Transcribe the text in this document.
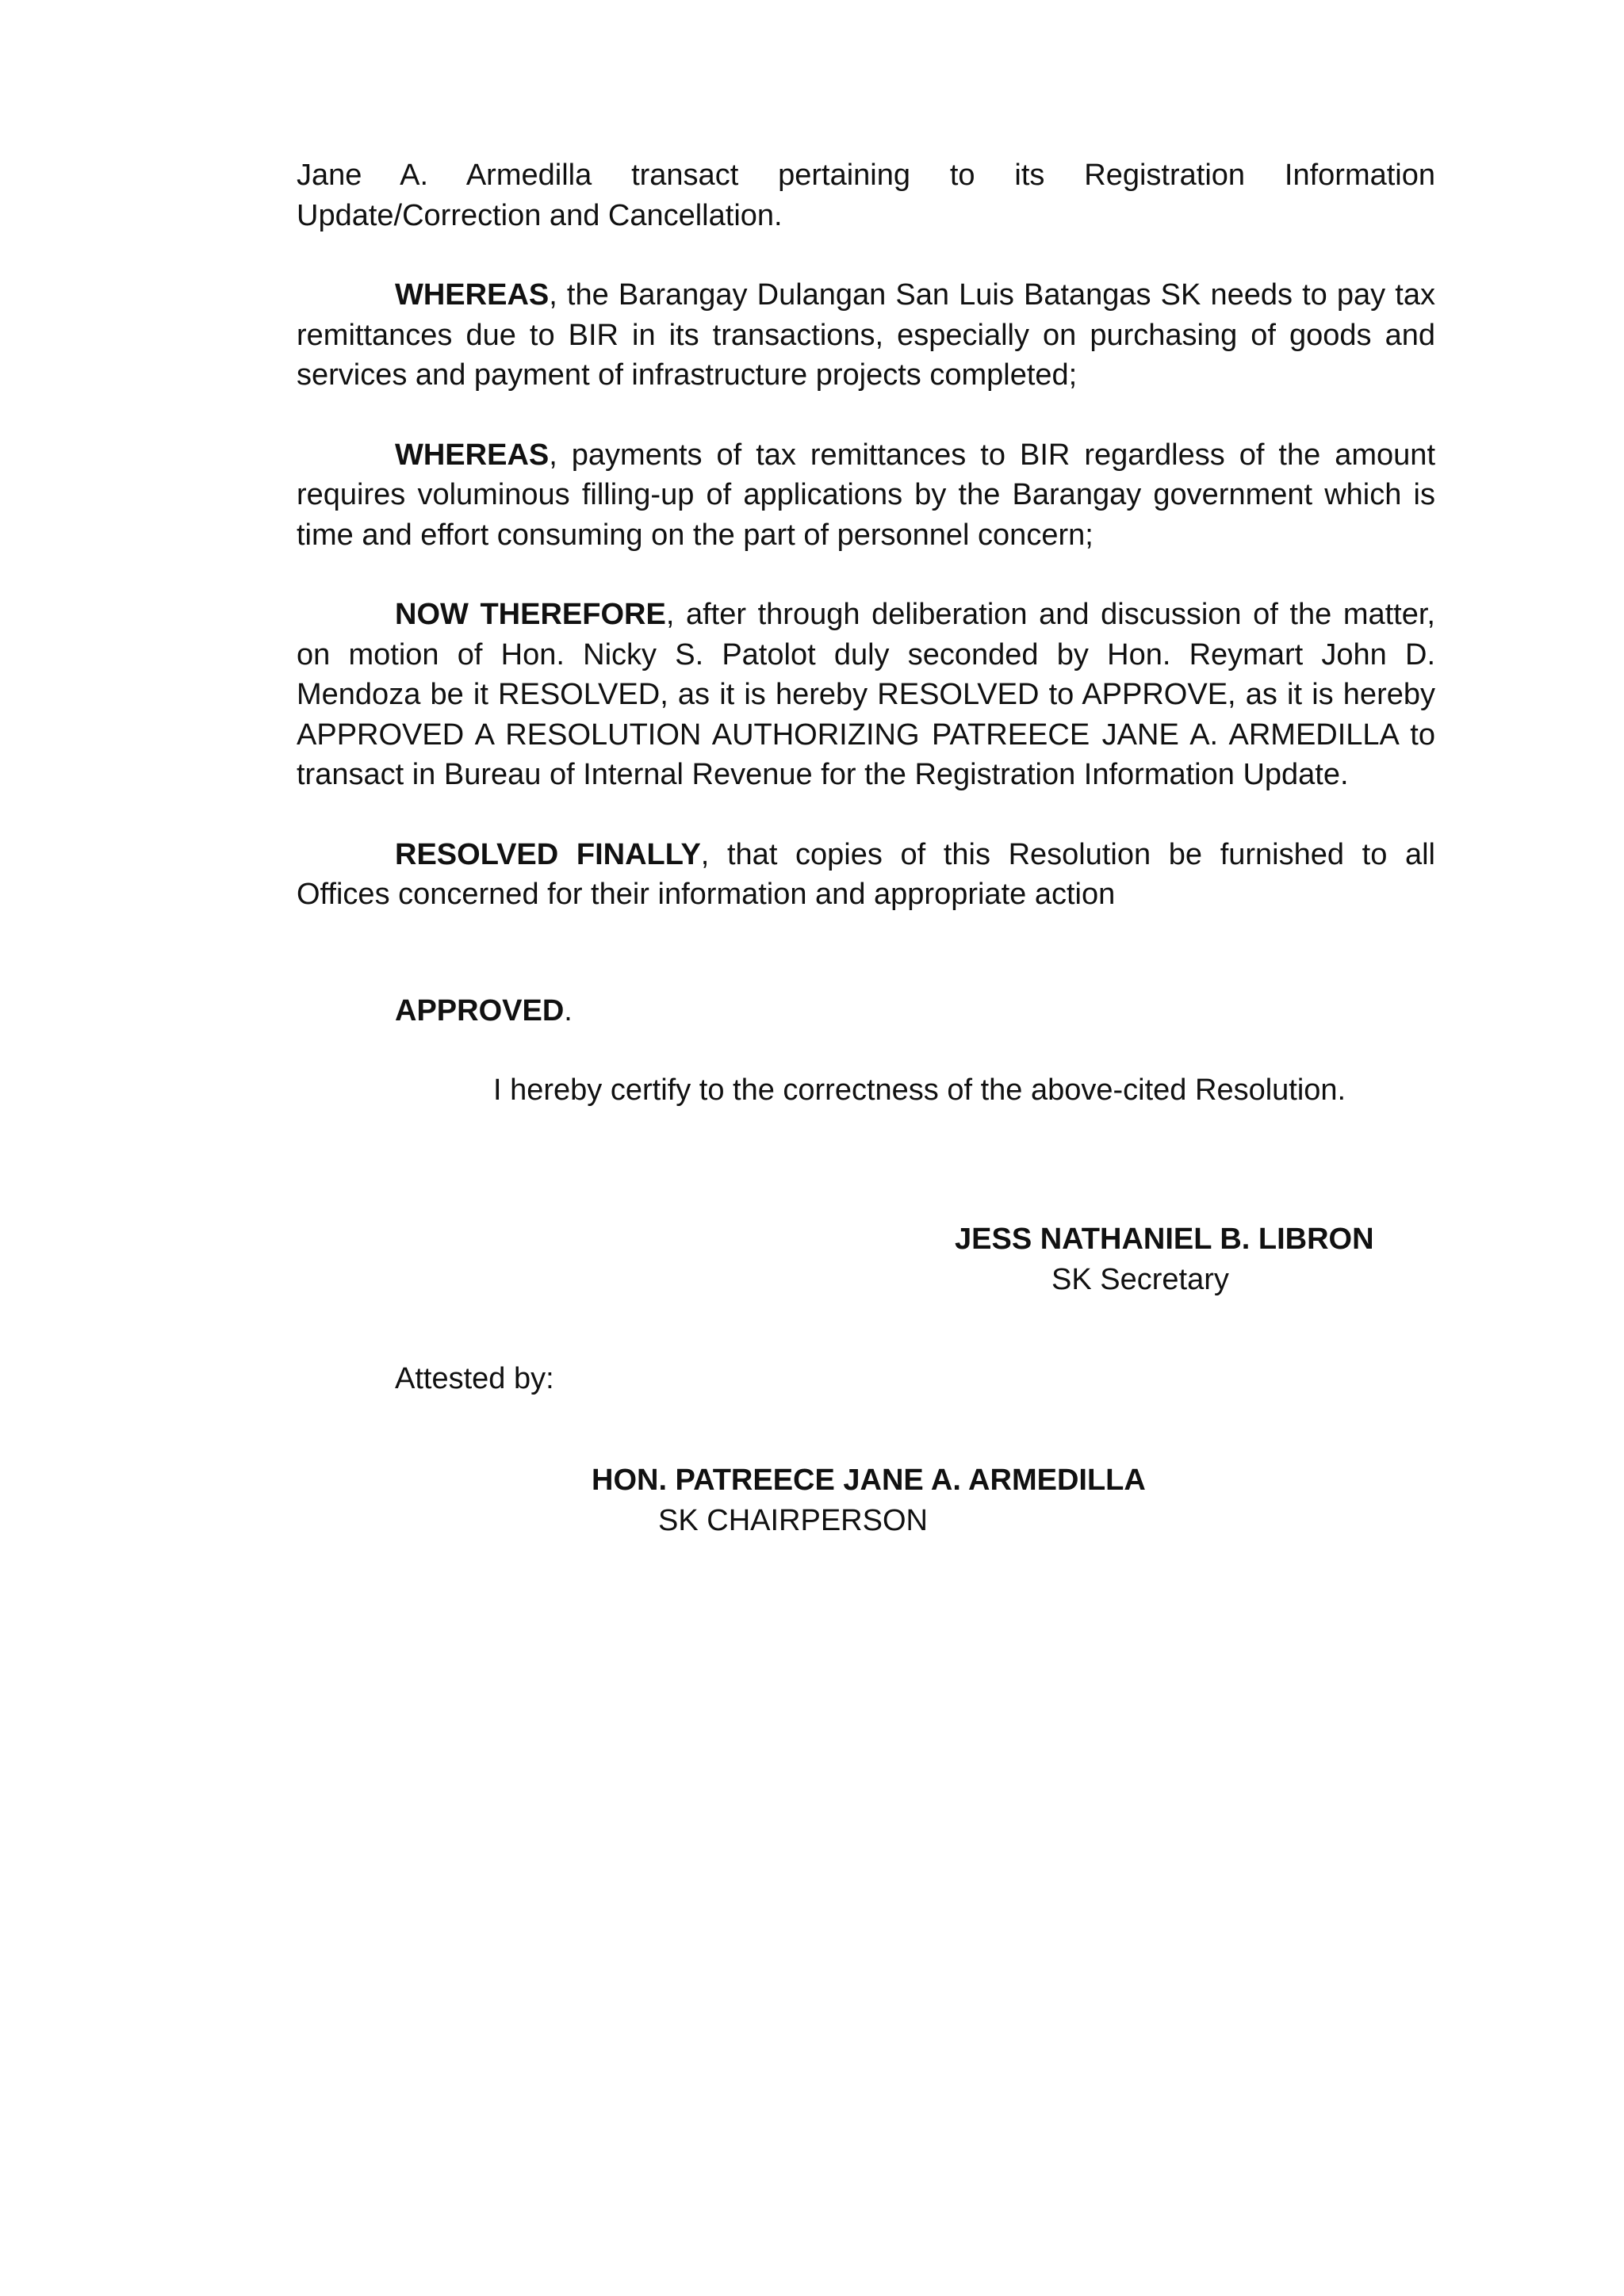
Jane A. Armedilla transact pertaining to its Registration Information Update/Correction and Cancellation.

WHEREAS, the Barangay Dulangan San Luis Batangas SK needs to pay tax remittances due to BIR in its transactions, especially on purchasing of goods and services and payment of infrastructure projects completed;

WHEREAS, payments of tax remittances to BIR regardless of the amount requires voluminous filling-up of applications by the Barangay government which is time and effort consuming on the part of personnel concern;

NOW THEREFORE, after through deliberation and discussion of the matter, on motion of Hon. Nicky S. Patolot duly seconded by Hon. Reymart John D. Mendoza be it RESOLVED, as it is hereby RESOLVED to APPROVE, as it is hereby APPROVED A RESOLUTION AUTHORIZING PATREECE JANE A. ARMEDILLA to transact in Bureau of Internal Revenue for the Registration Information Update.

RESOLVED FINALLY, that copies of this Resolution be furnished to all Offices concerned for their information and appropriate action

APPROVED.
I hereby certify to the correctness of the above-cited Resolution.
JESS NATHANIEL B. LIBRON
SK Secretary
Attested by:
HON. PATREECE JANE A. ARMEDILLA
SK CHAIRPERSON
